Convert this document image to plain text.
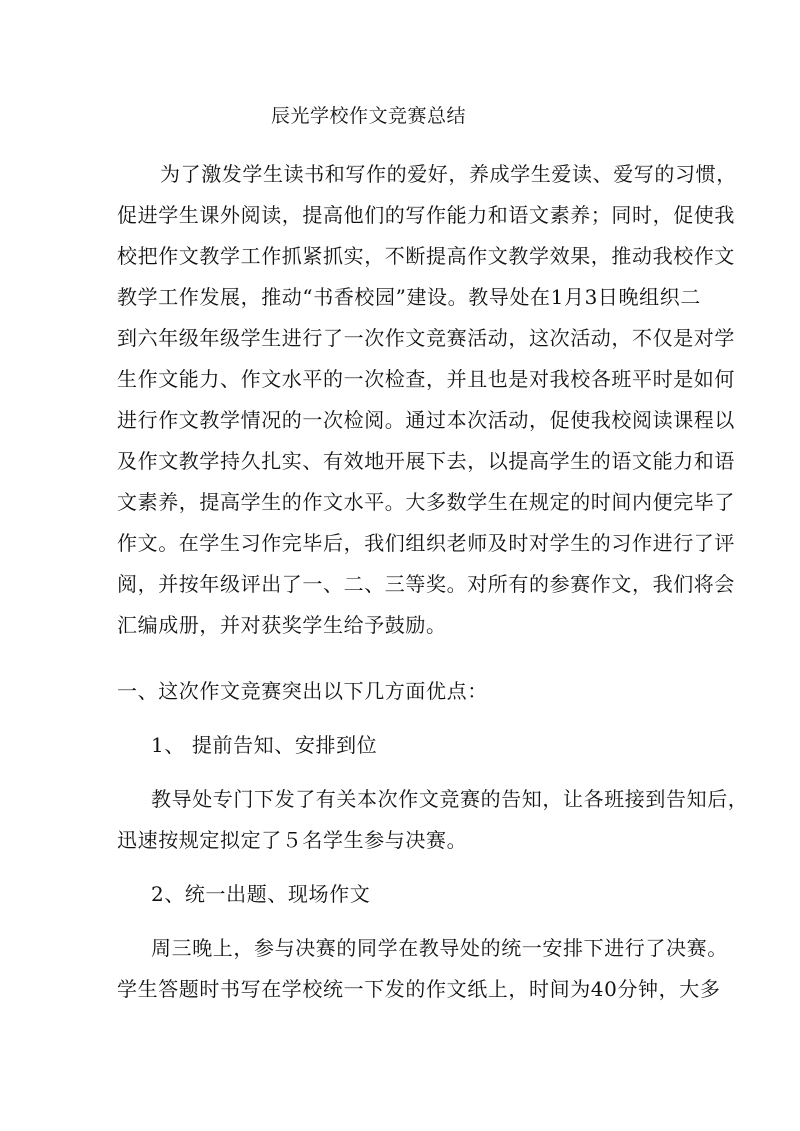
辰光学校作文竞赛总结
为了激发学生读书和写作的爱好，养成学生爱读、爱写的习惯，
促进学生课外阅读，提高他们的写作能力和语文素养；同时，促使我
校把作文教学工作抓紧抓实，不断提高作文教学效果，推动我校作文
教学工作发展，推动“书香校园”建设。教导处在1月3日晚组织二
到六年级年级学生进行了一次作文竞赛活动，这次活动，不仅是对学
生作文能力、作文水平的一次检查，并且也是对我校各班平时是如何
进行作文教学情况的一次检阅。通过本次活动，促使我校阅读课程以
及作文教学持久扎实、有效地开展下去，以提高学生的语文能力和语
文素养，提高学生的作文水平。大多数学生在规定的时间内便完毕了
作文。在学生习作完毕后，我们组织老师及时对学生的习作进行了评
阅，并按年级评出了一、二、三等奖。对所有的参赛作文，我们将会
汇编成册，并对获奖学生给予鼓励。
一、这次作文竞赛突出以下几方面优点：
1、 提前告知、安排到位
教导处专门下发了有关本次作文竞赛的告知，让各班接到告知后，
迅速按规定拟定了５名学生参与决赛。
2、统一出题、现场作文
周三晚上，参与决赛的同学在教导处的统一安排下进行了决赛。
学生答题时书写在学校统一下发的作文纸上，时间为40分钟，大多
